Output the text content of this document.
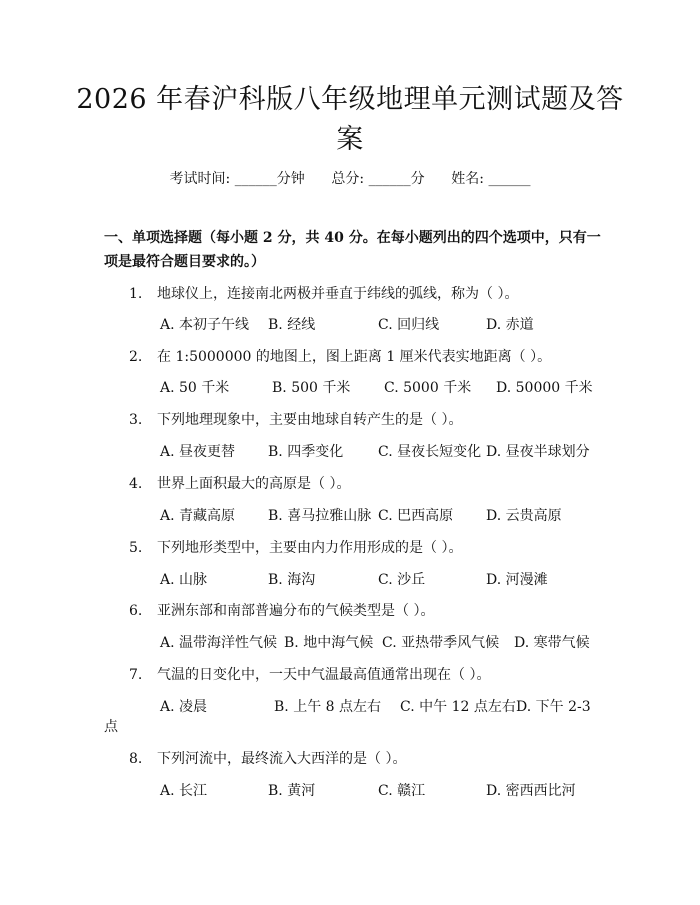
2026 年春沪科版八年级地理单元测试题及答
案
考试时间: ______分钟      总分: ______分      姓名: ______
一、单项选择题（每小题 2 分，共 40 分。在每小题列出的四个选项中，只有一项是最符合题目要求的。）
1. 地球仪上，连接南北两极并垂直于纬线的弧线，称为（ ）。
A. 本初子午线 B. 经线	C. 回归线	D. 赤道
2. 在 1:5000000 的地图上，图上距离 1 厘米代表实地距离（ ）。
A. 50 千米	B. 500 千米 C. 5000 千米 D. 50000 千米
3. 下列地理现象中，主要由地球自转产生的是（ ）。
A. 昼夜更替 B. 四季变化 C. 昼夜长短变化 D. 昼夜半球划分
4. 世界上面积最大的高原是（ ）。
A. 青藏高原 B. 喜马拉雅山脉 C. 巴西高原 D. 云贵高原
5. 下列地形类型中，主要由内力作用形成的是（ ）。
A. 山脉	B. 海沟	C. 沙丘	D. 河漫滩
6. 亚洲东部和南部普遍分布的气候类型是（ ）。
A. 温带海洋性气候 B. 地中海气候 C. 亚热带季风气候 D. 寒带气候
7. 气温的日变化中，一天中气温最高值通常出现在（ ）。
A. 凌晨	B. 上午 8 点左右 C. 中午 12 点左右 D. 下午 2-3
点
8. 下列河流中，最终流入大西洋的是（ ）。
A. 长江	B. 黄河	C. 赣江	D. 密西西比河
